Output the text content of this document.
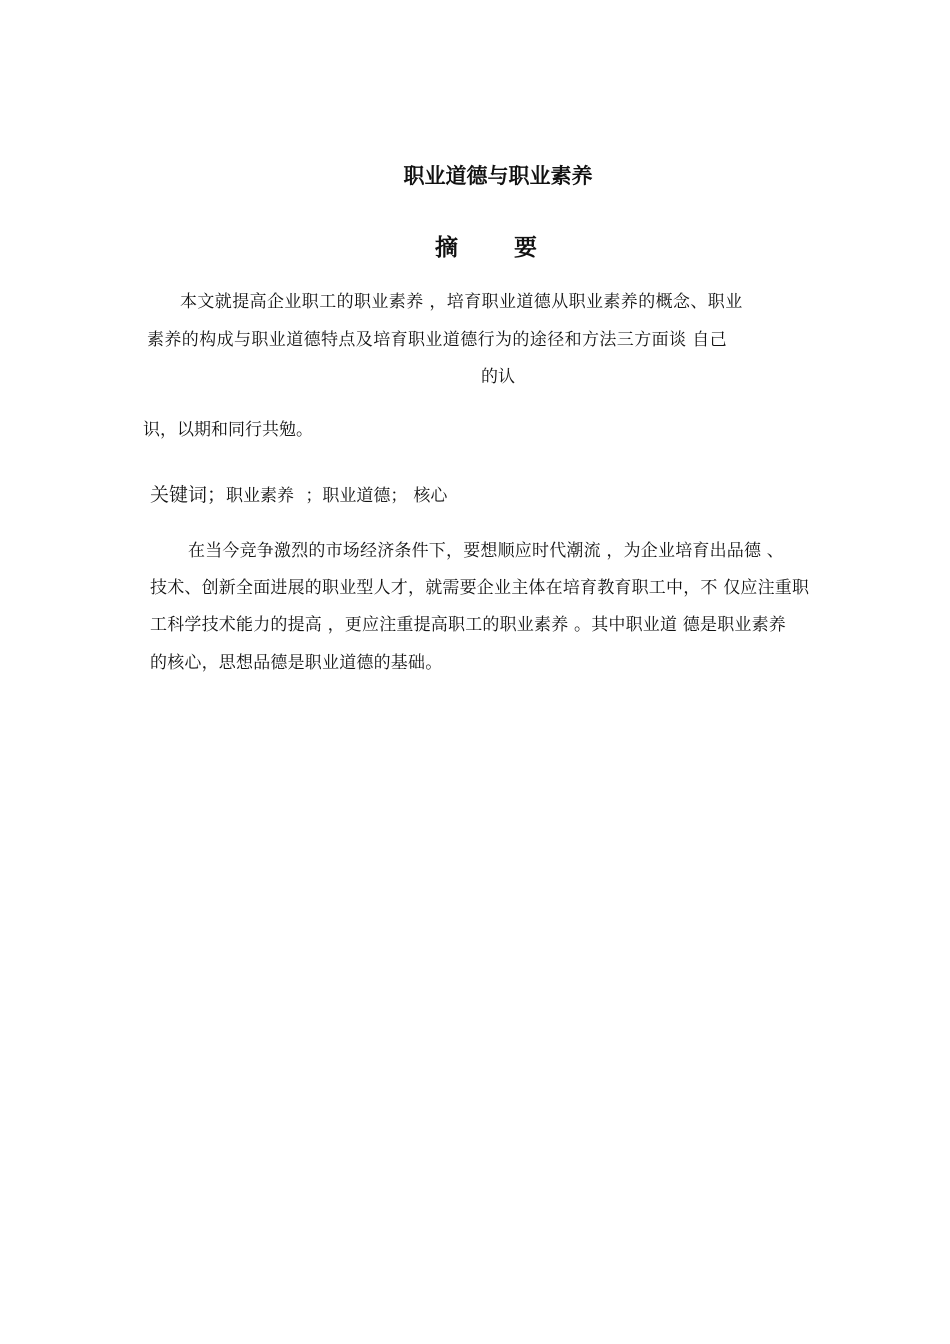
职业道德与职业素养
摘 要
本文就提高企业职工的职业素养 ，培育职业道德从职业素养的概念、职业
素养的构成与职业道德特点及培育职业道德行为的途径和方法三方面谈 自己
的认
识，以期和同行共勉。
关键词；职业素养 ；职业道德； 核心
在当今竞争激烈的市场经济条件下，要想顺应时代潮流 ，为企业培育出品德 、
技术、创新全面进展的职业型人才，就需要企业主体在培育教育职工中，不 仅应注重职
工科学技术能力的提高 ，更应注重提高职工的职业素养 。其中职业道 德是职业素养
的核心，思想品德是职业道德的基础。
